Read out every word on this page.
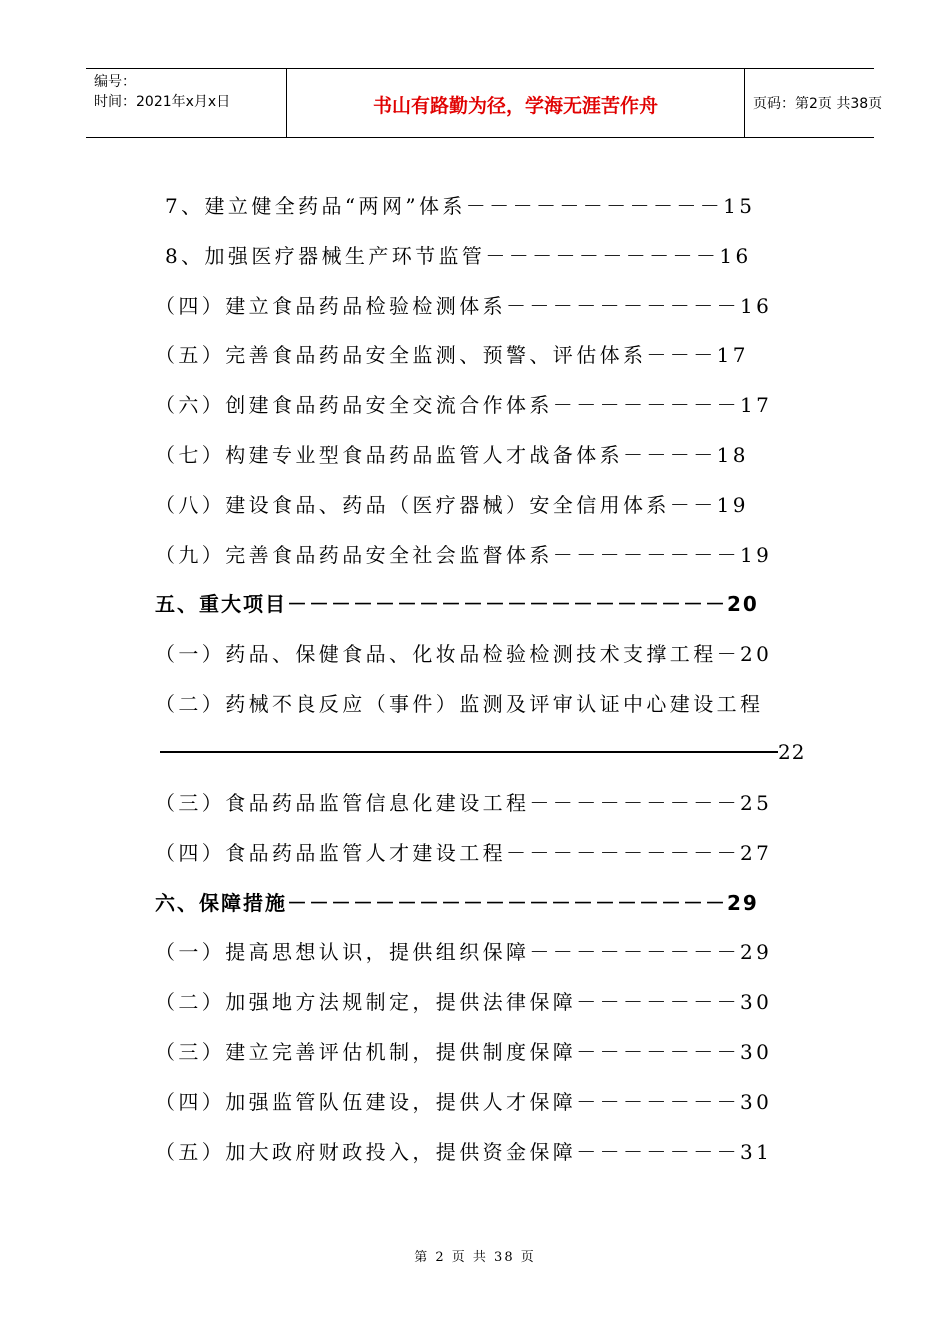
编号：
时间：2021年x月x日	书山有路勤为径，学海无涯苦作舟	页码：第2页 共38页
7、建立健全药品“两网”体系－－－－－－－－－－－15
8、加强医疗器械生产环节监管－－－－－－－－－－16
（四）建立食品药品检验检测体系－－－－－－－－－－16
（五）完善食品药品安全监测、预警、评估体系－－－17
（六）创建食品药品安全交流合作体系－－－－－－－－17
（七）构建专业型食品药品监管人才战备体系－－－－18
（八）建设食品、药品（医疗器械）安全信用体系－－19
（九）完善食品药品安全社会监督体系－－－－－－－－19
五、重大项目－－－－－－－－－－－－－－－－－－－－20
（一）药品、保健食品、化妆品检验检测技术支撑工程－20
（二）药械不良反应（事件）监测及评审认证中心建设工程
22
（三）食品药品监管信息化建设工程－－－－－－－－－25
（四）食品药品监管人才建设工程－－－－－－－－－－27
六、保障措施－－－－－－－－－－－－－－－－－－－－29
（一）提高思想认识，提供组织保障－－－－－－－－－29
（二）加强地方法规制定，提供法律保障－－－－－－－30
（三）建立完善评估机制，提供制度保障－－－－－－－30
（四）加强监管队伍建设，提供人才保障－－－－－－－30
（五）加大政府财政投入，提供资金保障－－－－－－－31
第 2 页 共 38 页
